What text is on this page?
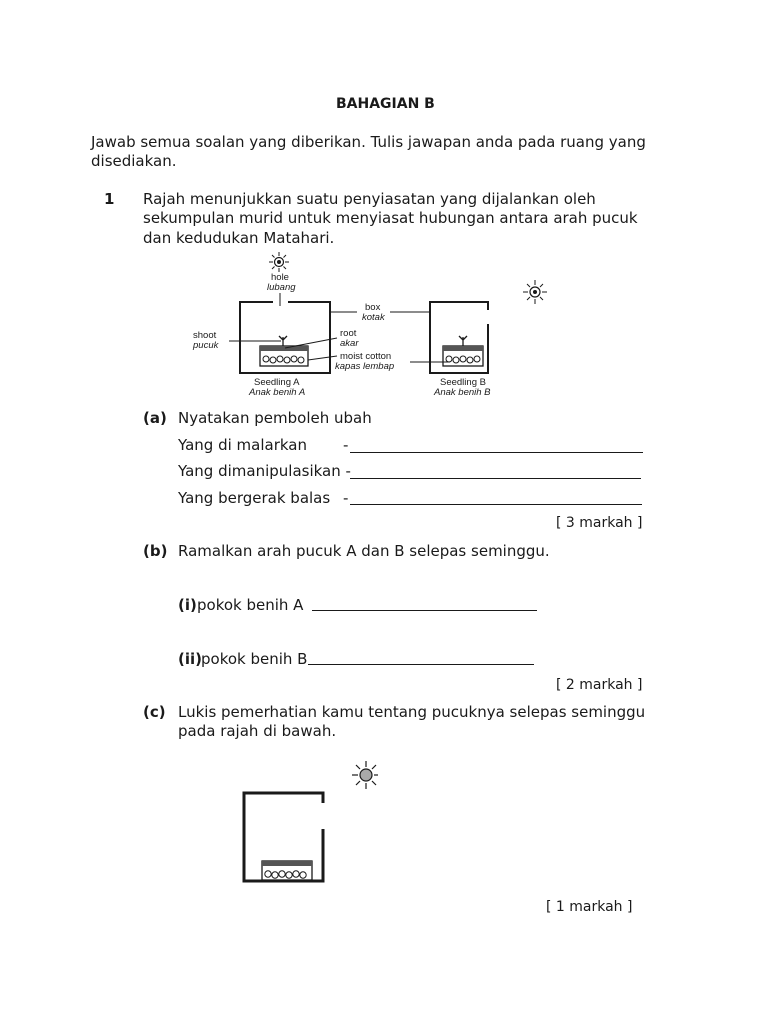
BAHAGIAN B
Jawab semua soalan yang diberikan. Tulis jawapan anda pada ruang yang
disediakan.
1 Rajah menunjukkan suatu penyiasatan yang dijalankan oleh
sekumpulan murid untuk menyiasat hubungan antara arah pucuk
dan kedudukan Matahari.
hole
lubang
shoot
pucuk
box
kotak
root
akar
moist cotton
kapas lembap
Seedling A
Anak benih A
Seedling B
Anak benih B
(a) Nyatakan pemboleh ubah
Yang di malarkan -
Yang dimanipulasikan -
Yang bergerak balas -
[ 3 markah ]
(b) Ramalkan arah pucuk A dan B selepas seminggu.
(i) pokok benih A
(ii) pokok benih B
[ 2 markah ]
(c) Lukis pemerhatian kamu tentang pucuknya selepas seminggu
pada rajah di bawah.
[ 1 markah ]
